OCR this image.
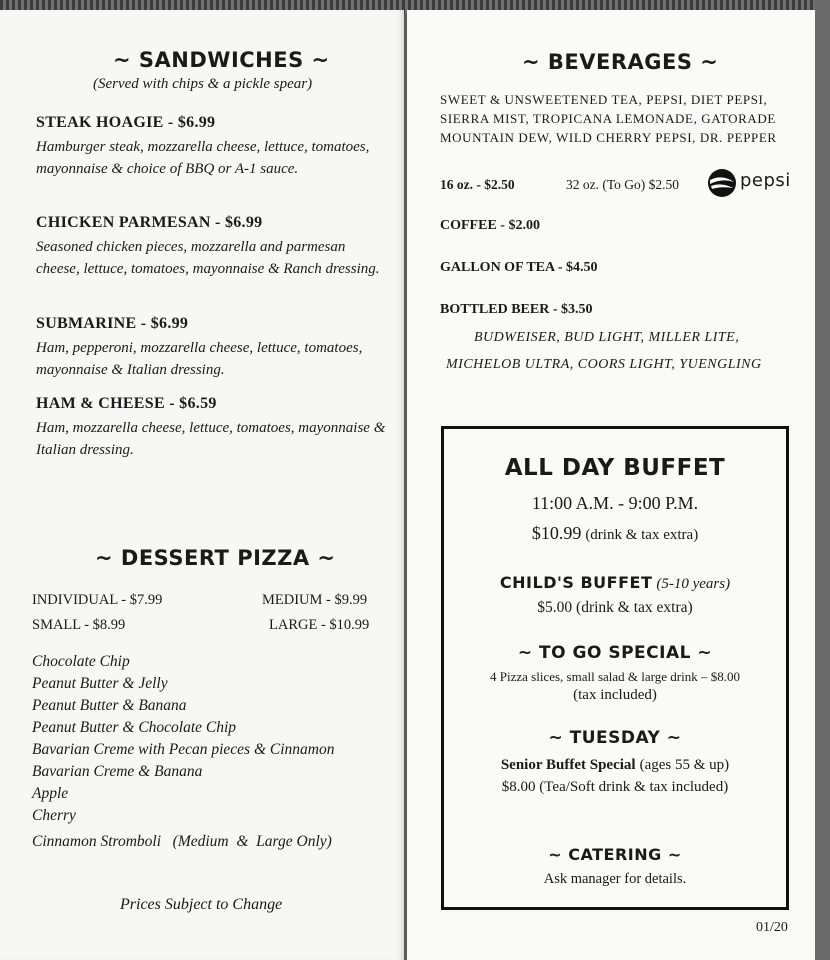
~ SANDWICHES ~
(Served with chips & a pickle spear)
STEAK HOAGIE - $6.99
Hamburger steak, mozzarella cheese, lettuce, tomatoes, mayonnaise & choice of BBQ or A-1 sauce.
CHICKEN PARMESAN - $6.99
Seasoned chicken pieces, mozzarella and parmesan cheese, lettuce, tomatoes, mayonnaise & Ranch dressing.
SUBMARINE - $6.99
Ham, pepperoni, mozzarella cheese, lettuce, tomatoes, mayonnaise & Italian dressing.
HAM & CHEESE - $6.59
Ham, mozzarella cheese, lettuce, tomatoes, mayonnaise & Italian dressing.
~ DESSERT PIZZA ~
INDIVIDUAL - $7.99	MEDIUM - $9.99
SMALL - $8.99	LARGE - $10.99
Chocolate Chip
Peanut Butter & Jelly
Peanut Butter & Banana
Peanut Butter & Chocolate Chip
Bavarian Creme with Pecan pieces & Cinnamon
Bavarian Creme & Banana
Apple
Cherry
Cinnamon Stromboli   (Medium  &  Large Only)
Prices Subject to Change
~ BEVERAGES ~
SWEET & UNSWEETENED TEA, PEPSI, DIET PEPSI, SIERRA MIST, TROPICANA LEMONADE, GATORADE MOUNTAIN DEW, WILD CHERRY PEPSI, DR. PEPPER
16 oz. - $2.50	32 oz. (To Go) $2.50	pepsi
COFFEE - $2.00
GALLON OF TEA - $4.50
BOTTLED BEER - $3.50
BUDWEISER, BUD LIGHT, MILLER LITE,
MICHELOB ULTRA, COORS LIGHT, YUENGLING
ALL DAY BUFFET
11:00 A.M. - 9:00 P.M.
$10.99 (drink & tax extra)
CHILD'S BUFFET (5-10 years)
$5.00 (drink & tax extra)
~ TO GO SPECIAL ~
4 Pizza slices, small salad & large drink – $8.00
(tax included)
~ TUESDAY ~
Senior Buffet Special (ages 55 & up)
$8.00 (Tea/Soft drink & tax included)
~ CATERING ~
Ask manager for details.
01/20
